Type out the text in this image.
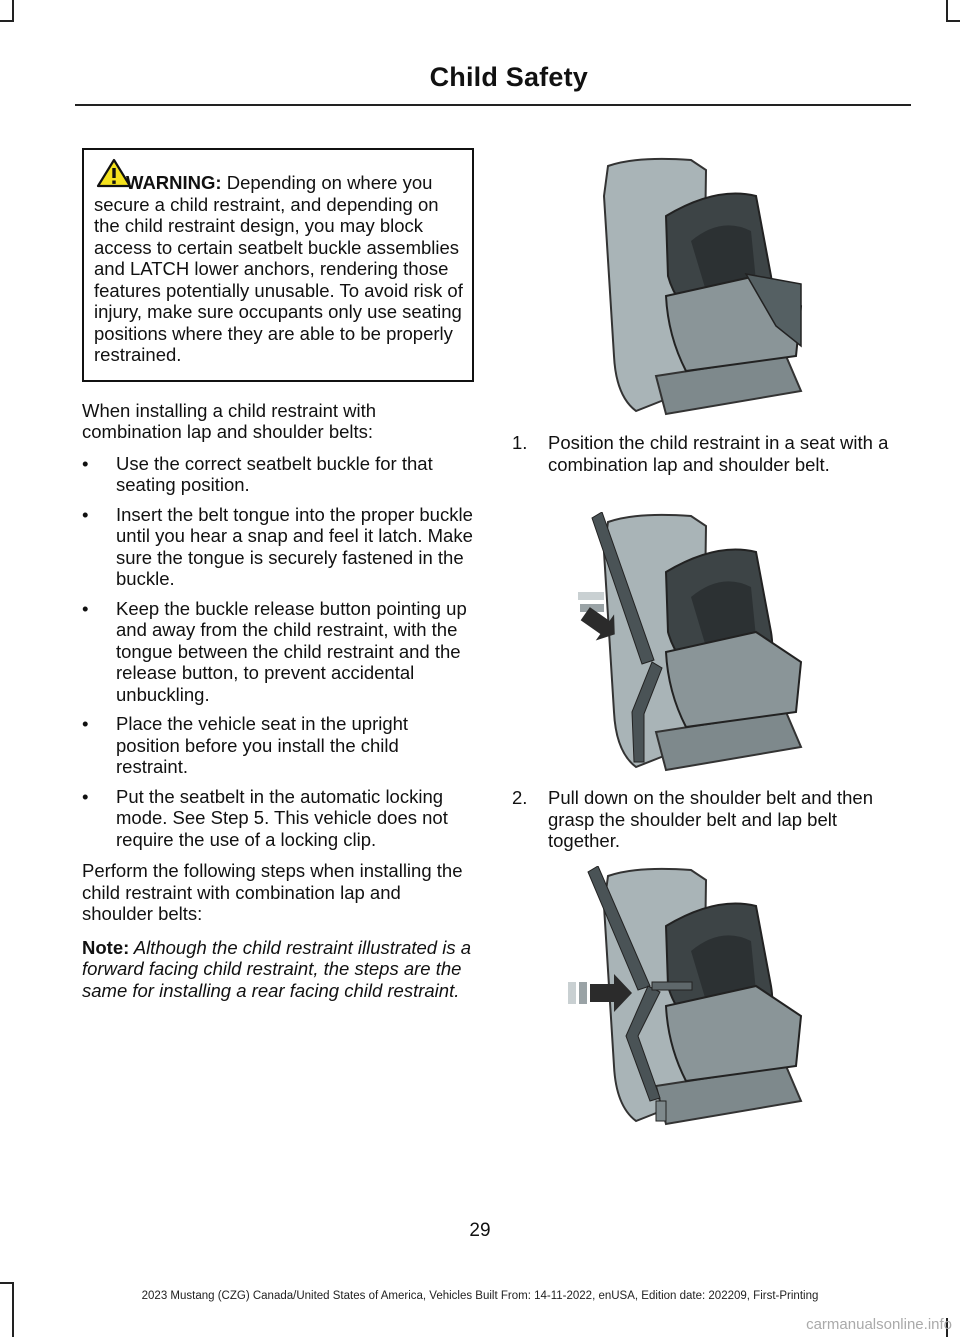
Child Safety

WARNING: Depending on where you secure a child restraint, and depending on the child restraint design, you may block access to certain seatbelt buckle assemblies and LATCH lower anchors, rendering those features potentially unusable. To avoid risk of injury, make sure occupants only use seating positions where they are able to be properly restrained.

When installing a child restraint with combination lap and shoulder belts:

• Use the correct seatbelt buckle for that seating position.
• Insert the belt tongue into the proper buckle until you hear a snap and feel it latch. Make sure the tongue is securely fastened in the buckle.
• Keep the buckle release button pointing up and away from the child restraint, with the tongue between the child restraint and the release button, to prevent accidental unbuckling.
• Place the vehicle seat in the upright position before you install the child restraint.
• Put the seatbelt in the automatic locking mode. See Step 5. This vehicle does not require the use of a locking clip.

Perform the following steps when installing the child restraint with combination lap and shoulder belts:

Note: Although the child restraint illustrated is a forward facing child restraint, the steps are the same for installing a rear facing child restraint.

1. Position the child restraint in a seat with a combination lap and shoulder belt.
2. Pull down on the shoulder belt and then grasp the shoulder belt and lap belt together.
29
2023 Mustang (CZG) Canada/United States of America, Vehicles Built From: 14-11-2022, enUSA, Edition date: 202209, First-Printing
carmanualsonline.info
